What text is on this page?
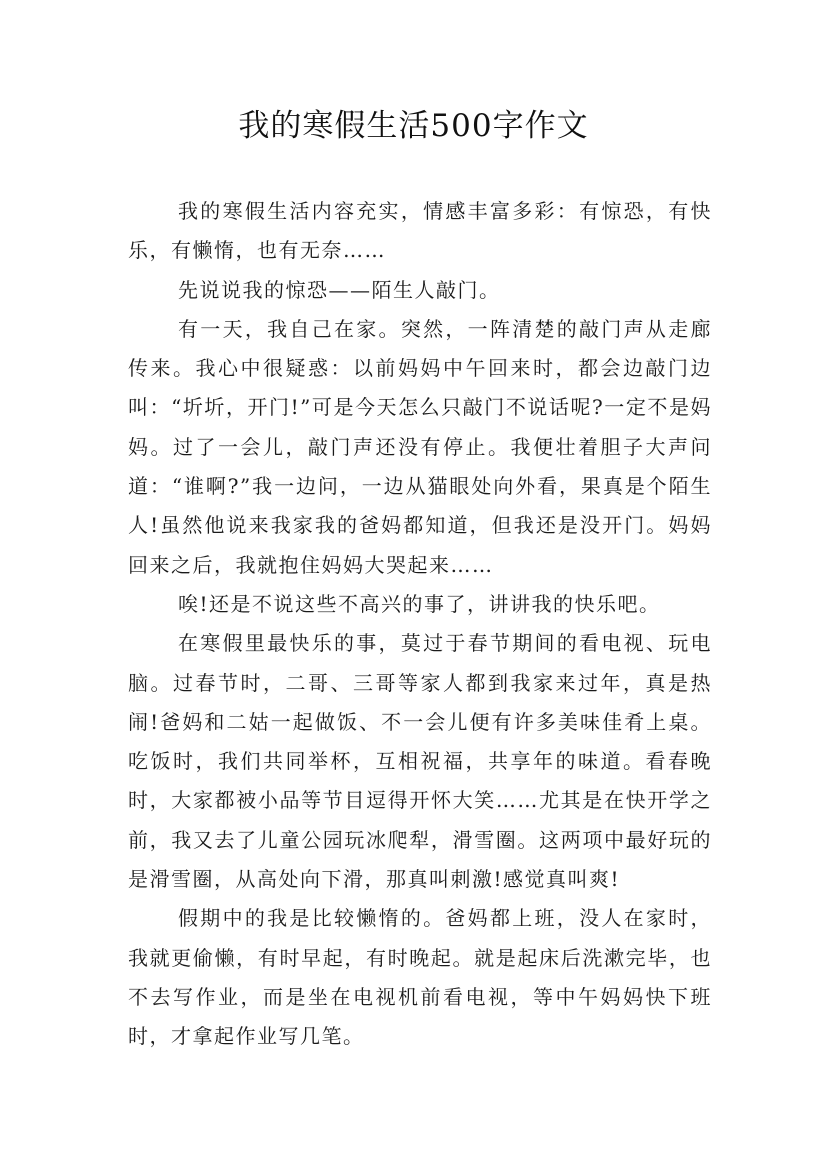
我的寒假生活500字作文

我的寒假生活内容充实，情感丰富多彩：有惊恐，有快乐，有懒惰，也有无奈……

先说说我的惊恐——陌生人敲门。

有一天，我自己在家。突然，一阵清楚的敲门声从走廊传来。我心中很疑惑：以前妈妈中午回来时，都会边敲门边叫：“圻圻，开门!”可是今天怎么只敲门不说话呢?一定不是妈妈。过了一会儿，敲门声还没有停止。我便壮着胆子大声问道：“谁啊?”我一边问，一边从猫眼处向外看，果真是个陌生人!虽然他说来我家我的爸妈都知道，但我还是没开门。妈妈回来之后，我就抱住妈妈大哭起来……

唉!还是不说这些不高兴的事了，讲讲我的快乐吧。

在寒假里最快乐的事，莫过于春节期间的看电视、玩电脑。过春节时，二哥、三哥等家人都到我家来过年，真是热闹!爸妈和二姑一起做饭、不一会儿便有许多美味佳肴上桌。吃饭时，我们共同举杯，互相祝福，共享年的味道。看春晚时，大家都被小品等节目逗得开怀大笑……尤其是在快开学之前，我又去了儿童公园玩冰爬犁，滑雪圈。这两项中最好玩的是滑雪圈，从高处向下滑，那真叫刺激!感觉真叫爽!

假期中的我是比较懒惰的。爸妈都上班，没人在家时，我就更偷懒，有时早起，有时晚起。就是起床后洗漱完毕，也不去写作业，而是坐在电视机前看电视，等中午妈妈快下班时，才拿起作业写几笔。
